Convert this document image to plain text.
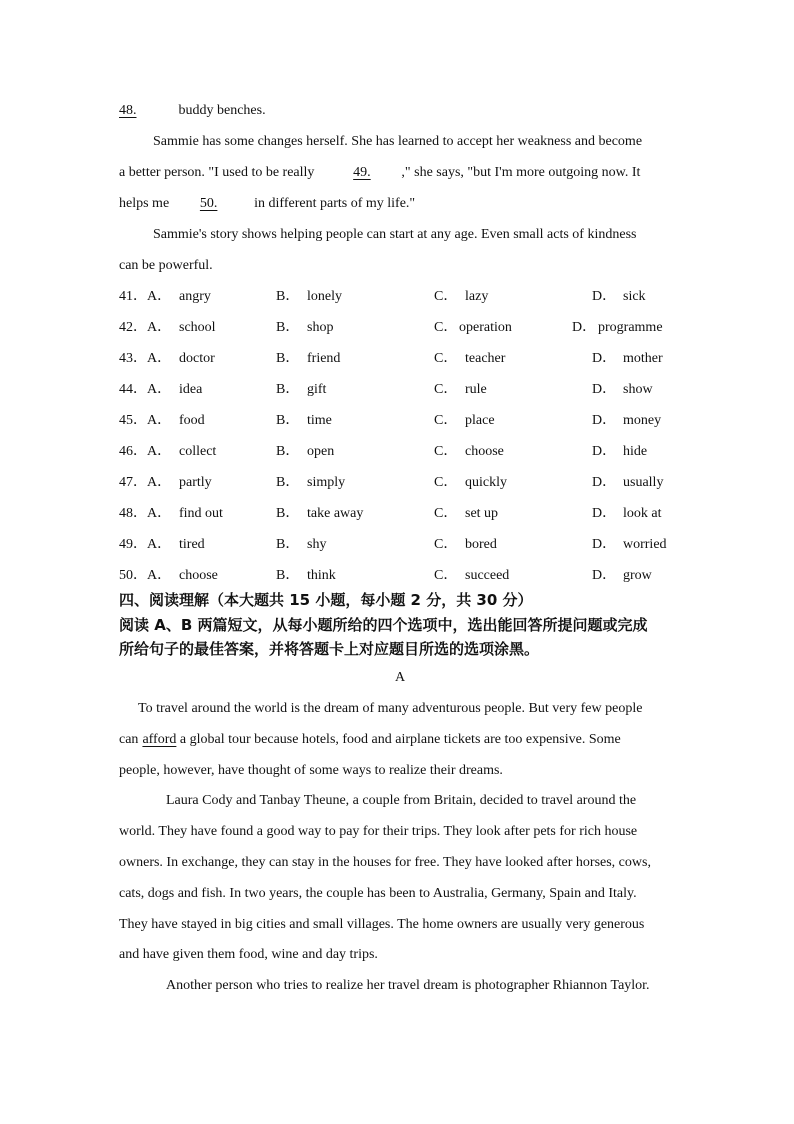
48.	buddy benches.
Sammie has some changes herself. She has learned to accept her weakness and become
a better person. "I used to be really	49. ," she says, "but I'm more outgoing now. It
helps me 50.	in different parts of my life."
Sammie's story shows helping people can start at any age. Even small acts of kindness
can be powerful.
41． A． angry	B． lonely	C． lazy	D． sick
42． A． school	B． shop	C． operation	D． programme
43． A． doctor	B． friend	C． teacher	D． mother
44． A． idea	B． gift	C． rule	D． show
45． A． food	B． time	C． place	D． money
46． A． collect	B． open	C． choose	D． hide
47． A． partly	B． simply	C． quickly	D． usually
48． A． find out	B． take away	C． set up	D． look at
49． A． tired	B． shy	C． bored	D． worried
50． A． choose	B． think	C． succeed	D． grow
四、阅读理解（本大题共 15 小题，每小题 2 分，共 30 分）
阅读 A、B 两篇短文，从每小题所给的四个选项中，选出能回答所提问题或完成
所给句子的最佳答案，并将答题卡上对应题目所选的选项涂黑。
A
To travel around the world is the dream of many adventurous people. But very few people
can afford a global tour because hotels, food and airplane tickets are too expensive. Some
people, however, have thought of some ways to realize their dreams.
Laura Cody and Tanbay Theune, a couple from Britain, decided to travel around the
world. They have found a good way to pay for their trips. They look after pets for rich house
owners. In exchange, they can stay in the houses for free. They have looked after horses, cows,
cats, dogs and fish. In two years, the couple has been to Australia, Germany, Spain and Italy.
They have stayed in big cities and small villages. The home owners are usually very generous
and have given them food, wine and day trips.
Another person who tries to realize her travel dream is photographer Rhiannon Taylor.
